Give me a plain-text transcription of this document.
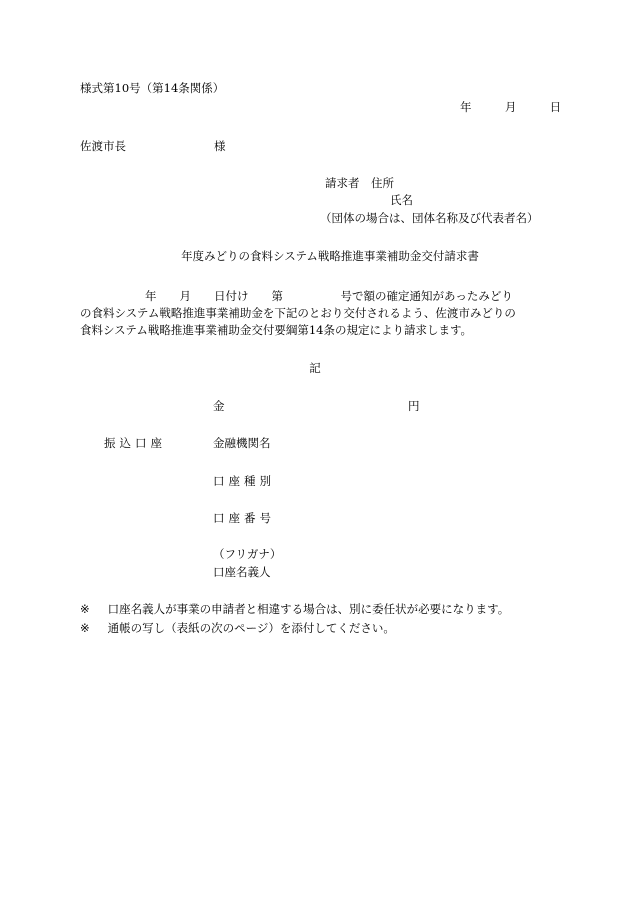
様式第10号（第14条関係）
年	月	日
佐渡市長	様
請求者　住所
氏名
（団体の場合は、団体名称及び代表者名）
年度みどりの食料システム戦略推進事業補助金交付請求書
年　　月　　日付け　　第　　　　　号で額の確定通知があったみどり
の食料システム戦略推進事業補助金を下記のとおり交付されるよう、佐渡市みどりの
食料システム戦略推進事業補助金交付要綱第14条の規定により請求します。
記
金	円
振込口座	金融機関名
口座種別
口座番号
（フリガナ）
口座名義人
※ 口座名義人が事業の申請者と相違する場合は、別に委任状が必要になります。
※ 通帳の写し（表紙の次のページ）を添付してください。
